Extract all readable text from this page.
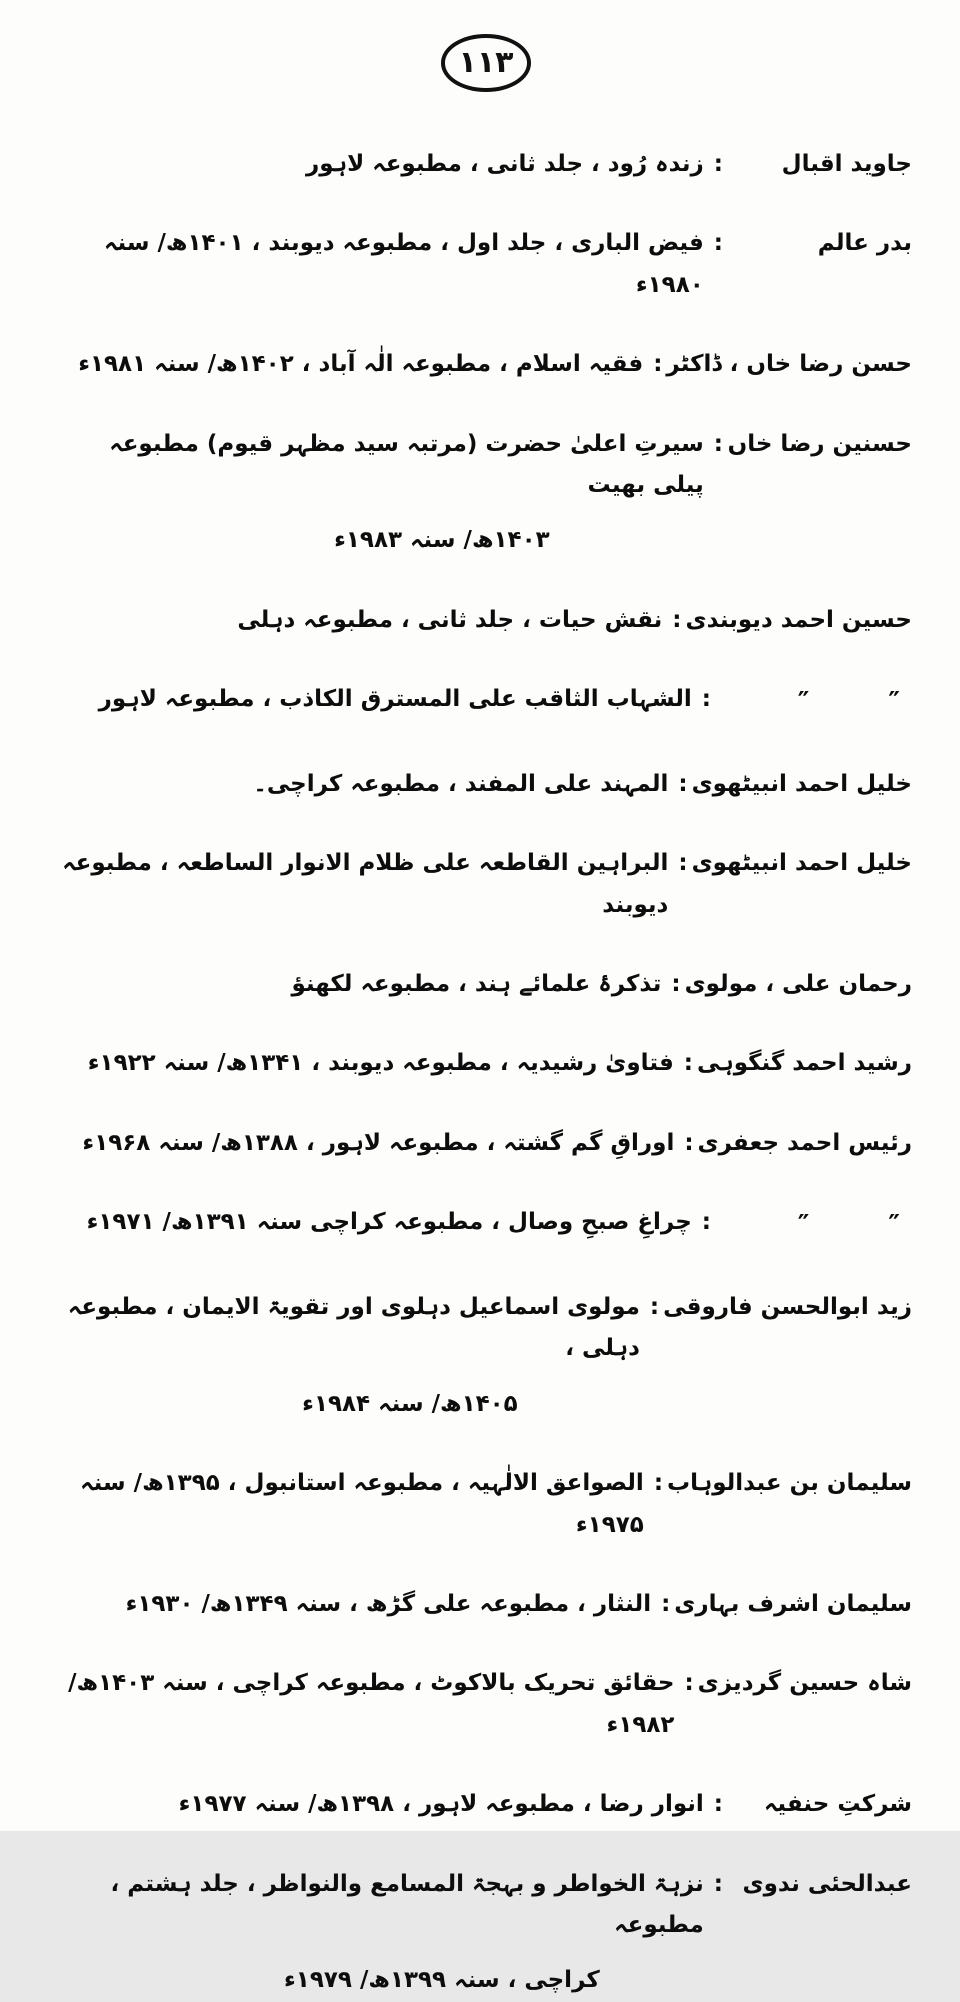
۱۱۳
جاوید اقبال
:
زندہ رُود ، جلد ثانی ، مطبوعہ لاہور
بدر عالم
:
فیض الباری ، جلد اول ، مطبوعہ دیوبند ، ۱۴۰۱ھ/ سنہ ۱۹۸۰ء
حسن رضا خاں ، ڈاکٹر
:
فقیہ اسلام ، مطبوعہ الٰہ آباد ، ۱۴۰۲ھ/ سنہ ۱۹۸۱ء
حسنین رضا خاں
:
سیرتِ اعلیٰ حضرت (مرتبہ سید مظہر قیوم) مطبوعہ پیلی بھیت
۱۴۰۳ھ/ سنہ ۱۹۸۳ء
حسین احمد دیوبندی
:
نقش حیات ، جلد ثانی ، مطبوعہ دہلی
″ ″
:
الشہاب الثاقب علی المسترق الکاذب ، مطبوعہ لاہور
خلیل احمد انبیٹھوی
:
المہند علی المفند ، مطبوعہ کراچی۔
خلیل احمد انبیٹھوی
:
البراہین القاطعہ علی ظلام الانوار الساطعہ ، مطبوعہ دیوبند
رحمان علی ، مولوی
:
تذکرۂ علمائے ہند ، مطبوعہ لکھنؤ
رشید احمد گنگوہی
:
فتاویٰ رشیدیہ ، مطبوعہ دیوبند ، ۱۳۴۱ھ/ سنہ ۱۹۲۲ء
رئیس احمد جعفری
:
اوراقِ گم گشتہ ، مطبوعہ لاہور ، ۱۳۸۸ھ/ سنہ ۱۹۶۸ء
″ ″
:
چراغِ صبحِ وصال ، مطبوعہ کراچی سنہ ۱۳۹۱ھ/ ۱۹۷۱ء
زید ابوالحسن فاروقی
:
مولوی اسماعیل دہلوی اور تقویۃ الایمان ، مطبوعہ دہلی ،
۱۴۰۵ھ/ سنہ ۱۹۸۴ء
سلیمان بن عبدالوہاب
:
الصواعق الالٰہیہ ، مطبوعہ استانبول ، ۱۳۹۵ھ/ سنہ ۱۹۷۵ء
سلیمان اشرف بہاری
:
النثار ، مطبوعہ علی گڑھ ، سنہ ۱۳۴۹ھ/ ۱۹۳۰ء
شاہ حسین گردیزی
:
حقائق تحریک بالاکوٹ ، مطبوعہ کراچی ، سنہ ۱۴۰۳ھ/ ۱۹۸۲ء
شرکتِ حنفیہ
:
انوار رضا ، مطبوعہ لاہور ، ۱۳۹۸ھ/ سنہ ۱۹۷۷ء
عبدالحئی ندوی
:
نزہۃ الخواطر و بہجۃ المسامع والنواظر ، جلد ہشتم ، مطبوعہ
کراچی ، سنہ ۱۳۹۹ھ/ ۱۹۷۹ء
